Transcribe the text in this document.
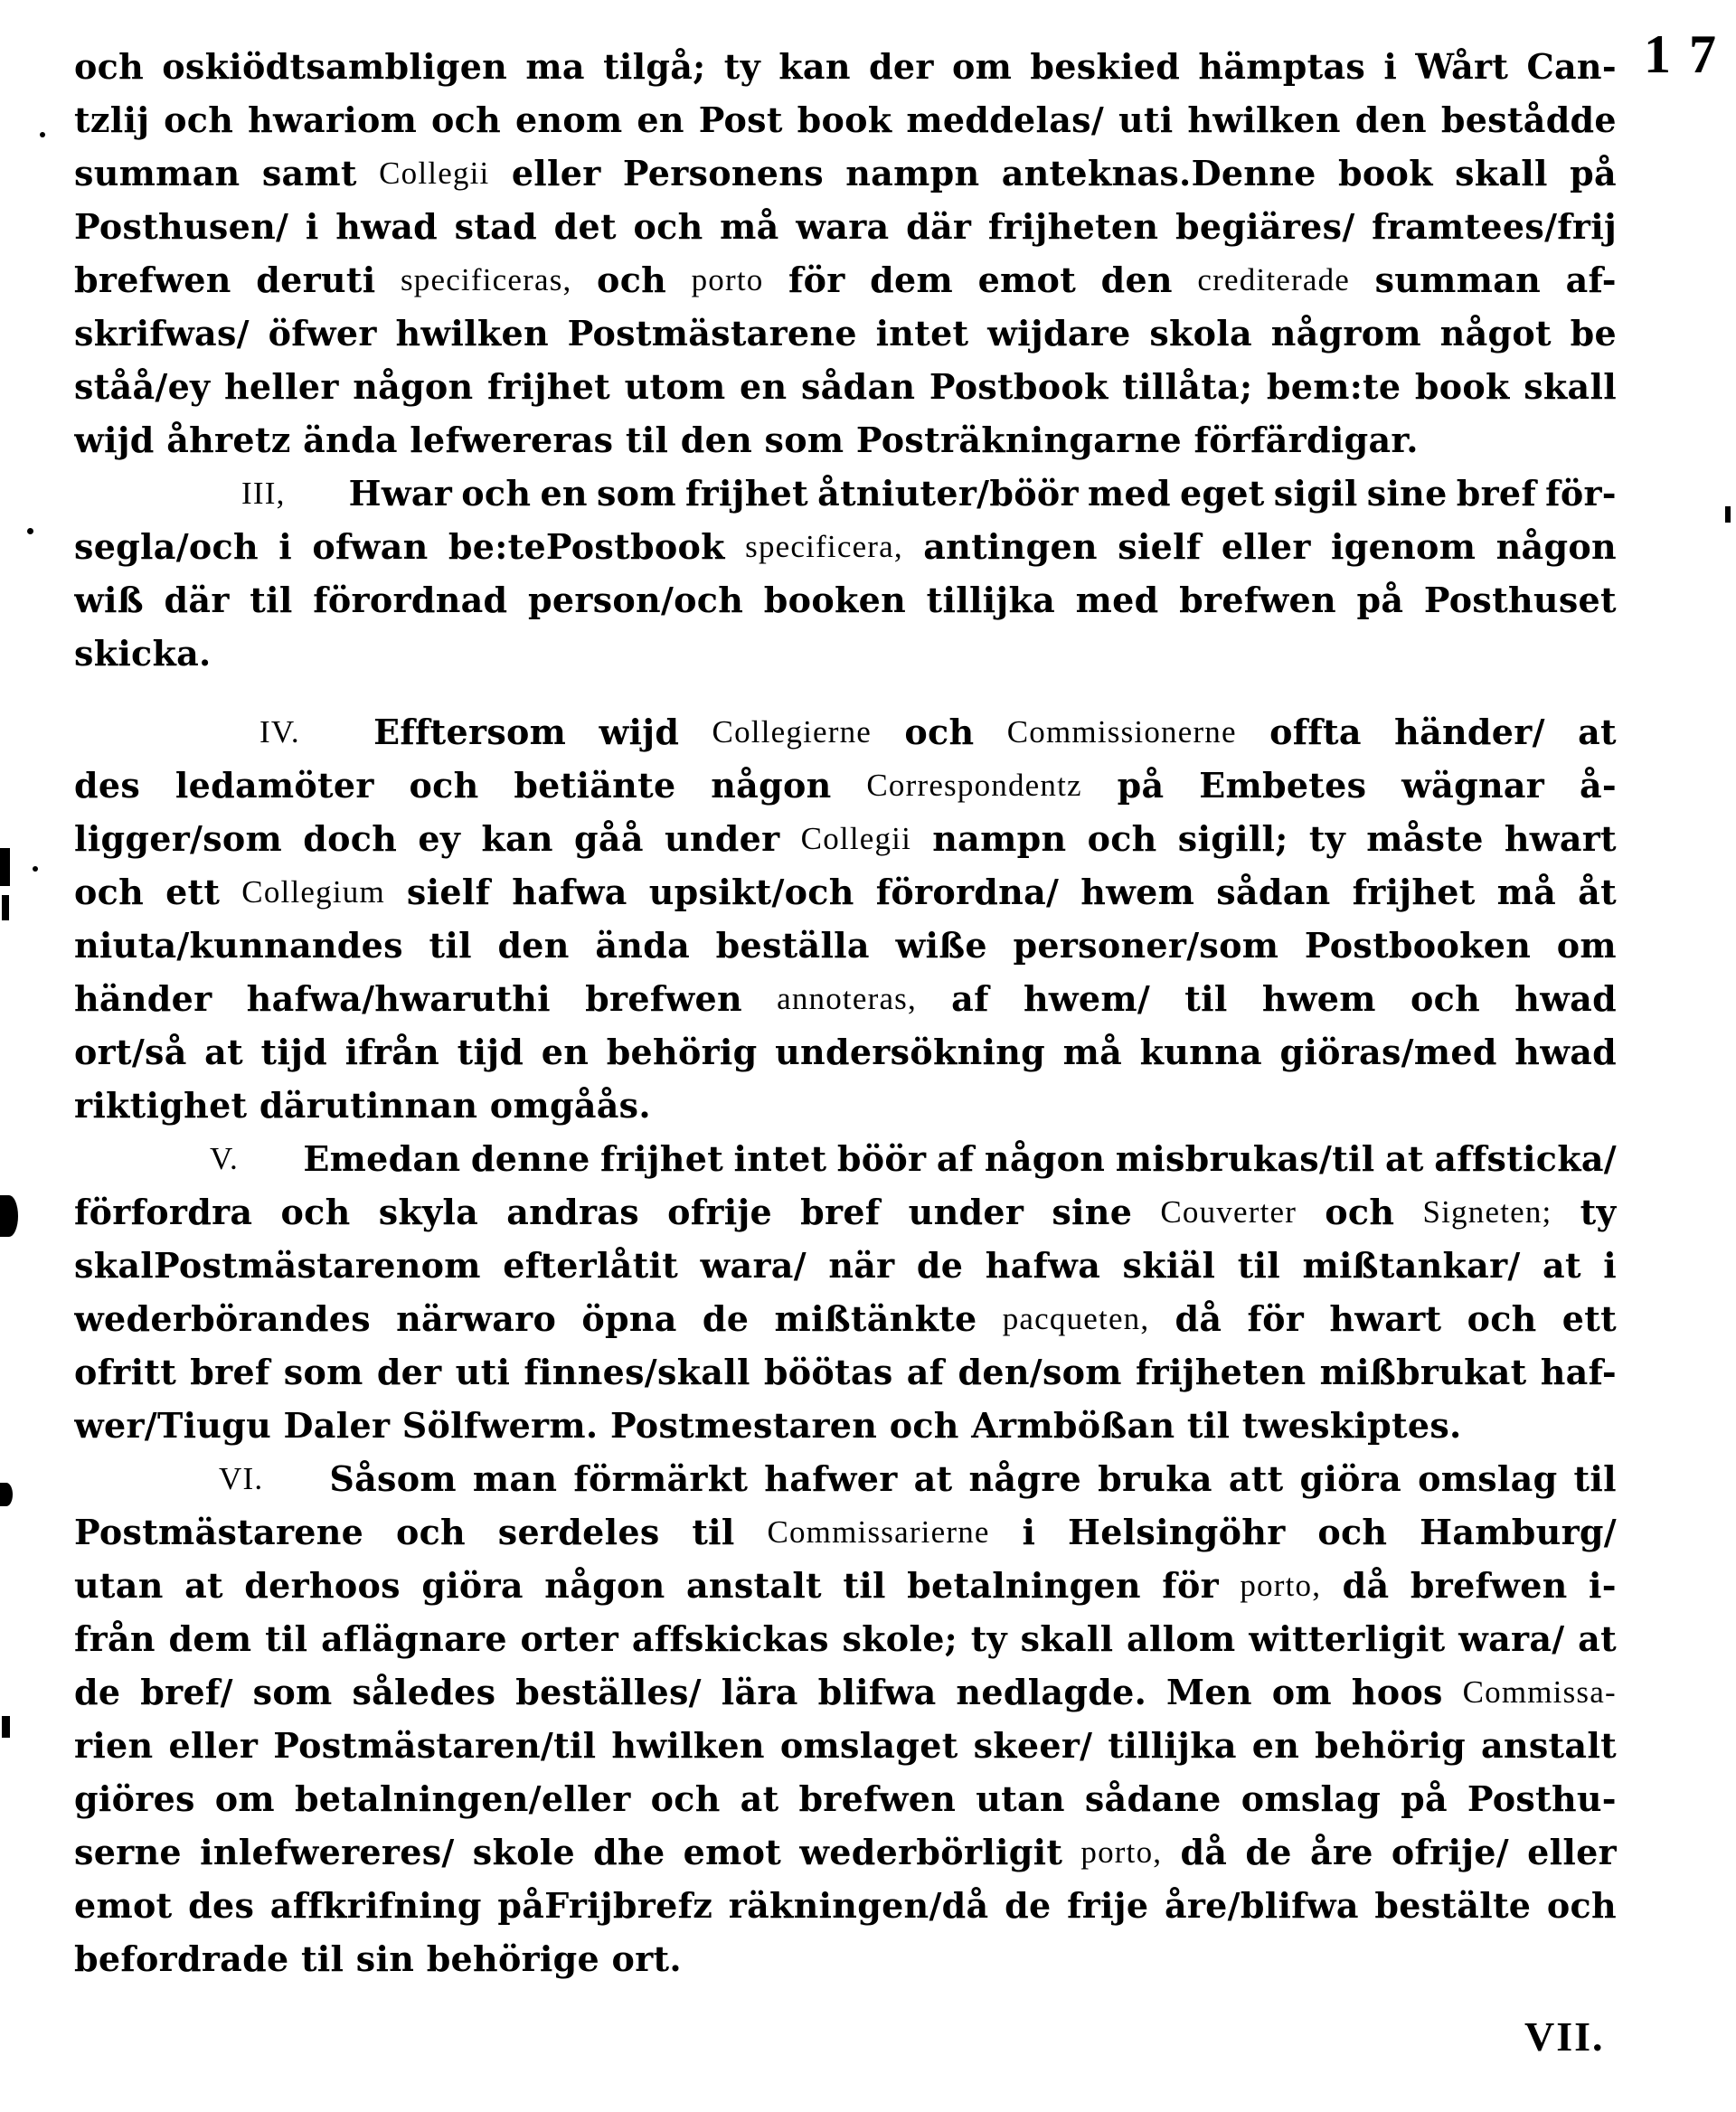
17
och oskiödtsambligen ma tilgå; ty kan der om beskied hämptas i Wårt Can-
tzlij och hwariom och enom en Post book meddelas/ uti hwilken den bestådde
summan samt Collegii eller Personens nampn anteknas.Denne book skall på
Posthusen/ i hwad stad det och må wara där frijheten begiäres/ framtees/frij
brefwen deruti specificeras, och porto för dem emot den crediterade summan af-
skrifwas/ öfwer hwilken Postmästarene intet wijdare skola någrom något be
ståå/ey heller någon frijhet utom en sådan Postbook tillåta; bem:te book skall
wijd åhretz ända lefwereras til den som Posträkningarne förfärdigar.
III, Hwar och en som frijhet åtniuter/böör med eget sigil sine bref för-
segla/och i ofwan be:tePostbook specificera, antingen sielf eller igenom någon
wiß där til förordnad person/och booken tillijka med brefwen på Posthuset
skicka.
IV. Efftersom wijd Collegierne och Commissionerne offta händer/ at
des ledamöter och betiänte någon Correspondentz på Embetes wägnar å-
ligger/som doch ey kan gåå under Collegii nampn och sigill; ty måste hwart
och ett Collegium sielf hafwa upsikt/och förordna/ hwem sådan frijhet må åt
niuta/kunnandes til den ända beställa wiße personer/som Postbooken om
händer hafwa/hwaruthi brefwen annoteras, af hwem/ til hwem och hwad
ort/så at tijd ifrån tijd en behörig undersökning må kunna giöras/med hwad
riktighet därutinnan omgåås.
V. Emedan denne frijhet intet böör af någon misbrukas/til at affsticka/
förfordra och skyla andras ofrije bref under sine Couverter och Signeten; ty
skalPostmästarenom efterlåtit wara/ när de hafwa skiäl til mißtankar/ at i
wederbörandes närwaro öpna de mißtänkte pacqueten, då för hwart och ett
ofritt bref som der uti finnes/skall böötas af den/som frijheten mißbrukat haf-
wer/Tiugu Daler Sölfwerm. Postmestaren och Armbößan til tweskiptes.
VI. Såsom man förmärkt hafwer at någre bruka att giöra omslag til
Postmästarene och serdeles til Commissarierne i Helsingöhr och Hamburg/
utan at derhoos giöra någon anstalt til betalningen för porto, då brefwen i-
från dem til aflägnare orter affskickas skole; ty skall allom witterligit wara/ at
de bref/ som således beställes/ lära blifwa nedlagde. Men om hoos Commissa-
rien eller Postmästaren/til hwilken omslaget skeer/ tillijka en behörig anstalt
giöres om betalningen/eller och at brefwen utan sådane omslag på Posthu-
serne inlefwereres/ skole dhe emot wederbörligit porto, då de åre ofrije/ eller
emot des affkrifning påFrijbrefz räkningen/då de frije åre/blifwa bestälte och
befordrade til sin behörige ort.
VII.
